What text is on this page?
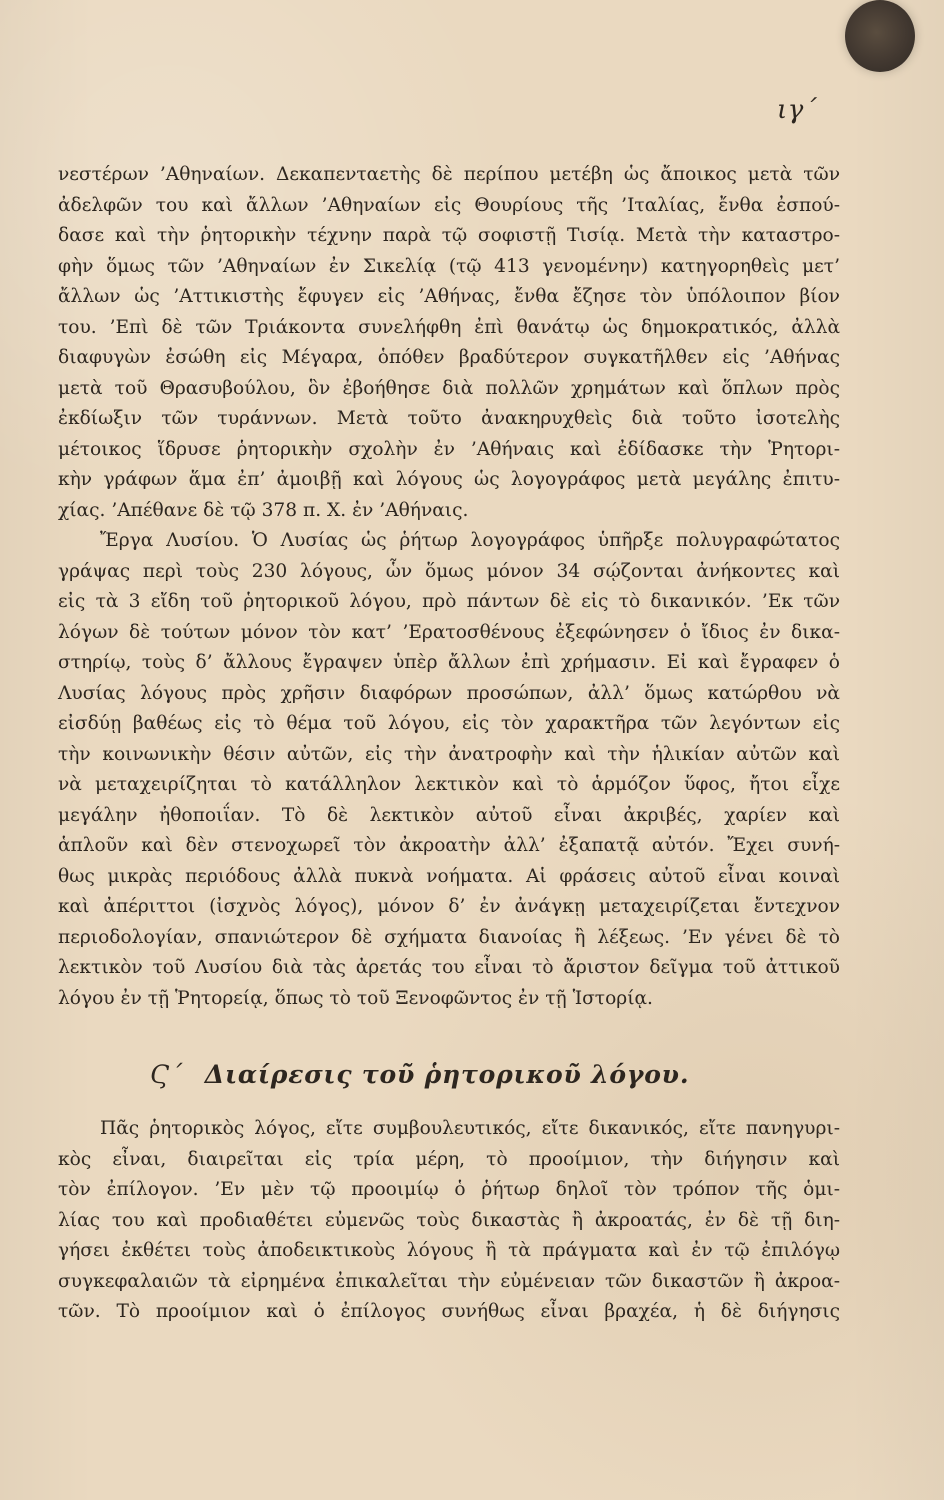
ιγ΄

νεστέρων ’Αθηναίων. Δεκαπενταετὴς δὲ περίπου μετέβη ὡς ἄποικος μετὰ τῶν

ἀδελφῶν του καὶ ἄλλων ’Αθηναίων εἰς Θουρίους τῆς ’Ιταλίας, ἔνθα ἐσπού-

δασε καὶ τὴν ῥητορικὴν τέχνην παρὰ τῷ σοφιστῇ Τισίᾳ. Μετὰ τὴν καταστρο-

φὴν ὅμως τῶν ’Αθηναίων ἐν Σικελίᾳ (τῷ 413 γενομένην) κατηγορηθεὶς μετ’

ἄλλων ὡς ’Αττικιστὴς ἔφυγεν εἰς ’Αθήνας, ἔνθα ἔζησε τὸν ὑπόλοιπον βίον

του. ’Επὶ δὲ τῶν Τριάκοντα συνελήφθη ἐπὶ θανάτῳ ὡς δημοκρατικός, ἀλλὰ

διαφυγὼν ἐσώθη εἰς Μέγαρα, ὁπόθεν βραδύτερον συγκατῆλθεν εἰς ’Αθήνας

μετὰ τοῦ Θρασυβούλου, ὃν ἐβοήθησε διὰ πολλῶν χρημάτων καὶ ὅπλων πρὸς

ἐκδίωξιν τῶν τυράννων. Μετὰ τοῦτο ἀνακηρυχθεὶς διὰ τοῦτο ἰσοτελὴς

μέτοικος ἵδρυσε ῥητορικὴν σχολὴν ἐν ’Αθήναις καὶ ἐδίδασκε τὴν Ῥητορι-

κὴν γράφων ἅμα ἐπ’ ἀμοιβῇ καὶ λόγους ὡς λογογράφος μετὰ μεγάλης ἐπιτυ-

χίας. ’Απέθανε δὲ τῷ 378 π. Χ. ἐν ’Αθήναις.

Ἔργα Λυσίου. Ὁ Λυσίας ὡς ῥήτωρ λογογράφος ὑπῆρξε πολυγραφώτατος

γράψας περὶ τοὺς 230 λόγους, ὧν ὅμως μόνον 34 σῴζονται ἀνήκοντες καὶ

εἰς τὰ 3 εἴδη τοῦ ῥητορικοῦ λόγου, πρὸ πάντων δὲ εἰς τὸ δικανικόν. ’Εκ τῶν

λόγων δὲ τούτων μόνον τὸν κατ’ ’Ερατοσθένους ἐξεφώνησεν ὁ ἴδιος ἐν δικα-

στηρίῳ, τοὺς δ’ ἄλλους ἔγραψεν ὑπὲρ ἄλλων ἐπὶ χρήμασιν. Εἰ καὶ ἔγραφεν ὁ

Λυσίας λόγους πρὸς χρῆσιν διαφόρων προσώπων, ἀλλ’ ὅμως κατώρθου νὰ

εἰσδύῃ βαθέως εἰς τὸ θέμα τοῦ λόγου, εἰς τὸν χαρακτῆρα τῶν λεγόντων εἰς

τὴν κοινωνικὴν θέσιν αὐτῶν, εἰς τὴν ἀνατροφὴν καὶ τὴν ἡλικίαν αὐτῶν καὶ

νὰ μεταχειρίζηται τὸ κατάλληλον λεκτικὸν καὶ τὸ ἁρμόζον ὕφος, ἤτοι εἶχε

μεγάλην ἠθοποιΐαν. Τὸ δὲ λεκτικὸν αὐτοῦ εἶναι ἀκριβές, χαρίεν καὶ

ἁπλοῦν καὶ δὲν στενοχωρεῖ τὸν ἀκροατὴν ἀλλ’ ἐξαπατᾷ αὐτόν. Ἔχει συνή-

θως μικρὰς περιόδους ἀλλὰ πυκνὰ νοήματα. Αἱ φράσεις αὐτοῦ εἶναι κοιναὶ

καὶ ἀπέριττοι (ἰσχνὸς λόγος), μόνον δ’ ἐν ἀνάγκῃ μεταχειρίζεται ἔντεχνον

περιοδολογίαν, σπανιώτερον δὲ σχήματα διανοίας ἢ λέξεως. ’Εν γένει δὲ τὸ

λεκτικὸν τοῦ Λυσίου διὰ τὰς ἀρετάς του εἶναι τὸ ἄριστον δεῖγμα τοῦ ἀττικοῦ

λόγου ἐν τῇ Ῥητορείᾳ, ὅπως τὸ τοῦ Ξενοφῶντος ἐν τῇ Ἱστορίᾳ.

Ϛ΄ Διαίρεσις τοῦ ῥητορικοῦ λόγου.

Πᾶς ῥητορικὸς λόγος, εἴτε συμβουλευτικός, εἴτε δικανικός, εἴτε πανηγυρι-

κὸς εἶναι, διαιρεῖται εἰς τρία μέρη, τὸ προοίμιον, τὴν διήγησιν καὶ

τὸν ἐπίλογον. ’Εν μὲν τῷ προοιμίῳ ὁ ῥήτωρ δηλοῖ τὸν τρόπον τῆς ὁμι-

λίας του καὶ προδιαθέτει εὐμενῶς τοὺς δικαστὰς ἢ ἀκροατάς, ἐν δὲ τῇ διη-

γήσει ἐκθέτει τοὺς ἀποδεικτικοὺς λόγους ἢ τὰ πράγματα καὶ ἐν τῷ ἐπιλόγῳ

συγκεφαλαιῶν τὰ εἰρημένα ἐπικαλεῖται τὴν εὐμένειαν τῶν δικαστῶν ἢ ἀκροα-

τῶν. Τὸ προοίμιον καὶ ὁ ἐπίλογος συνήθως εἶναι βραχέα, ἡ δὲ διήγησις
